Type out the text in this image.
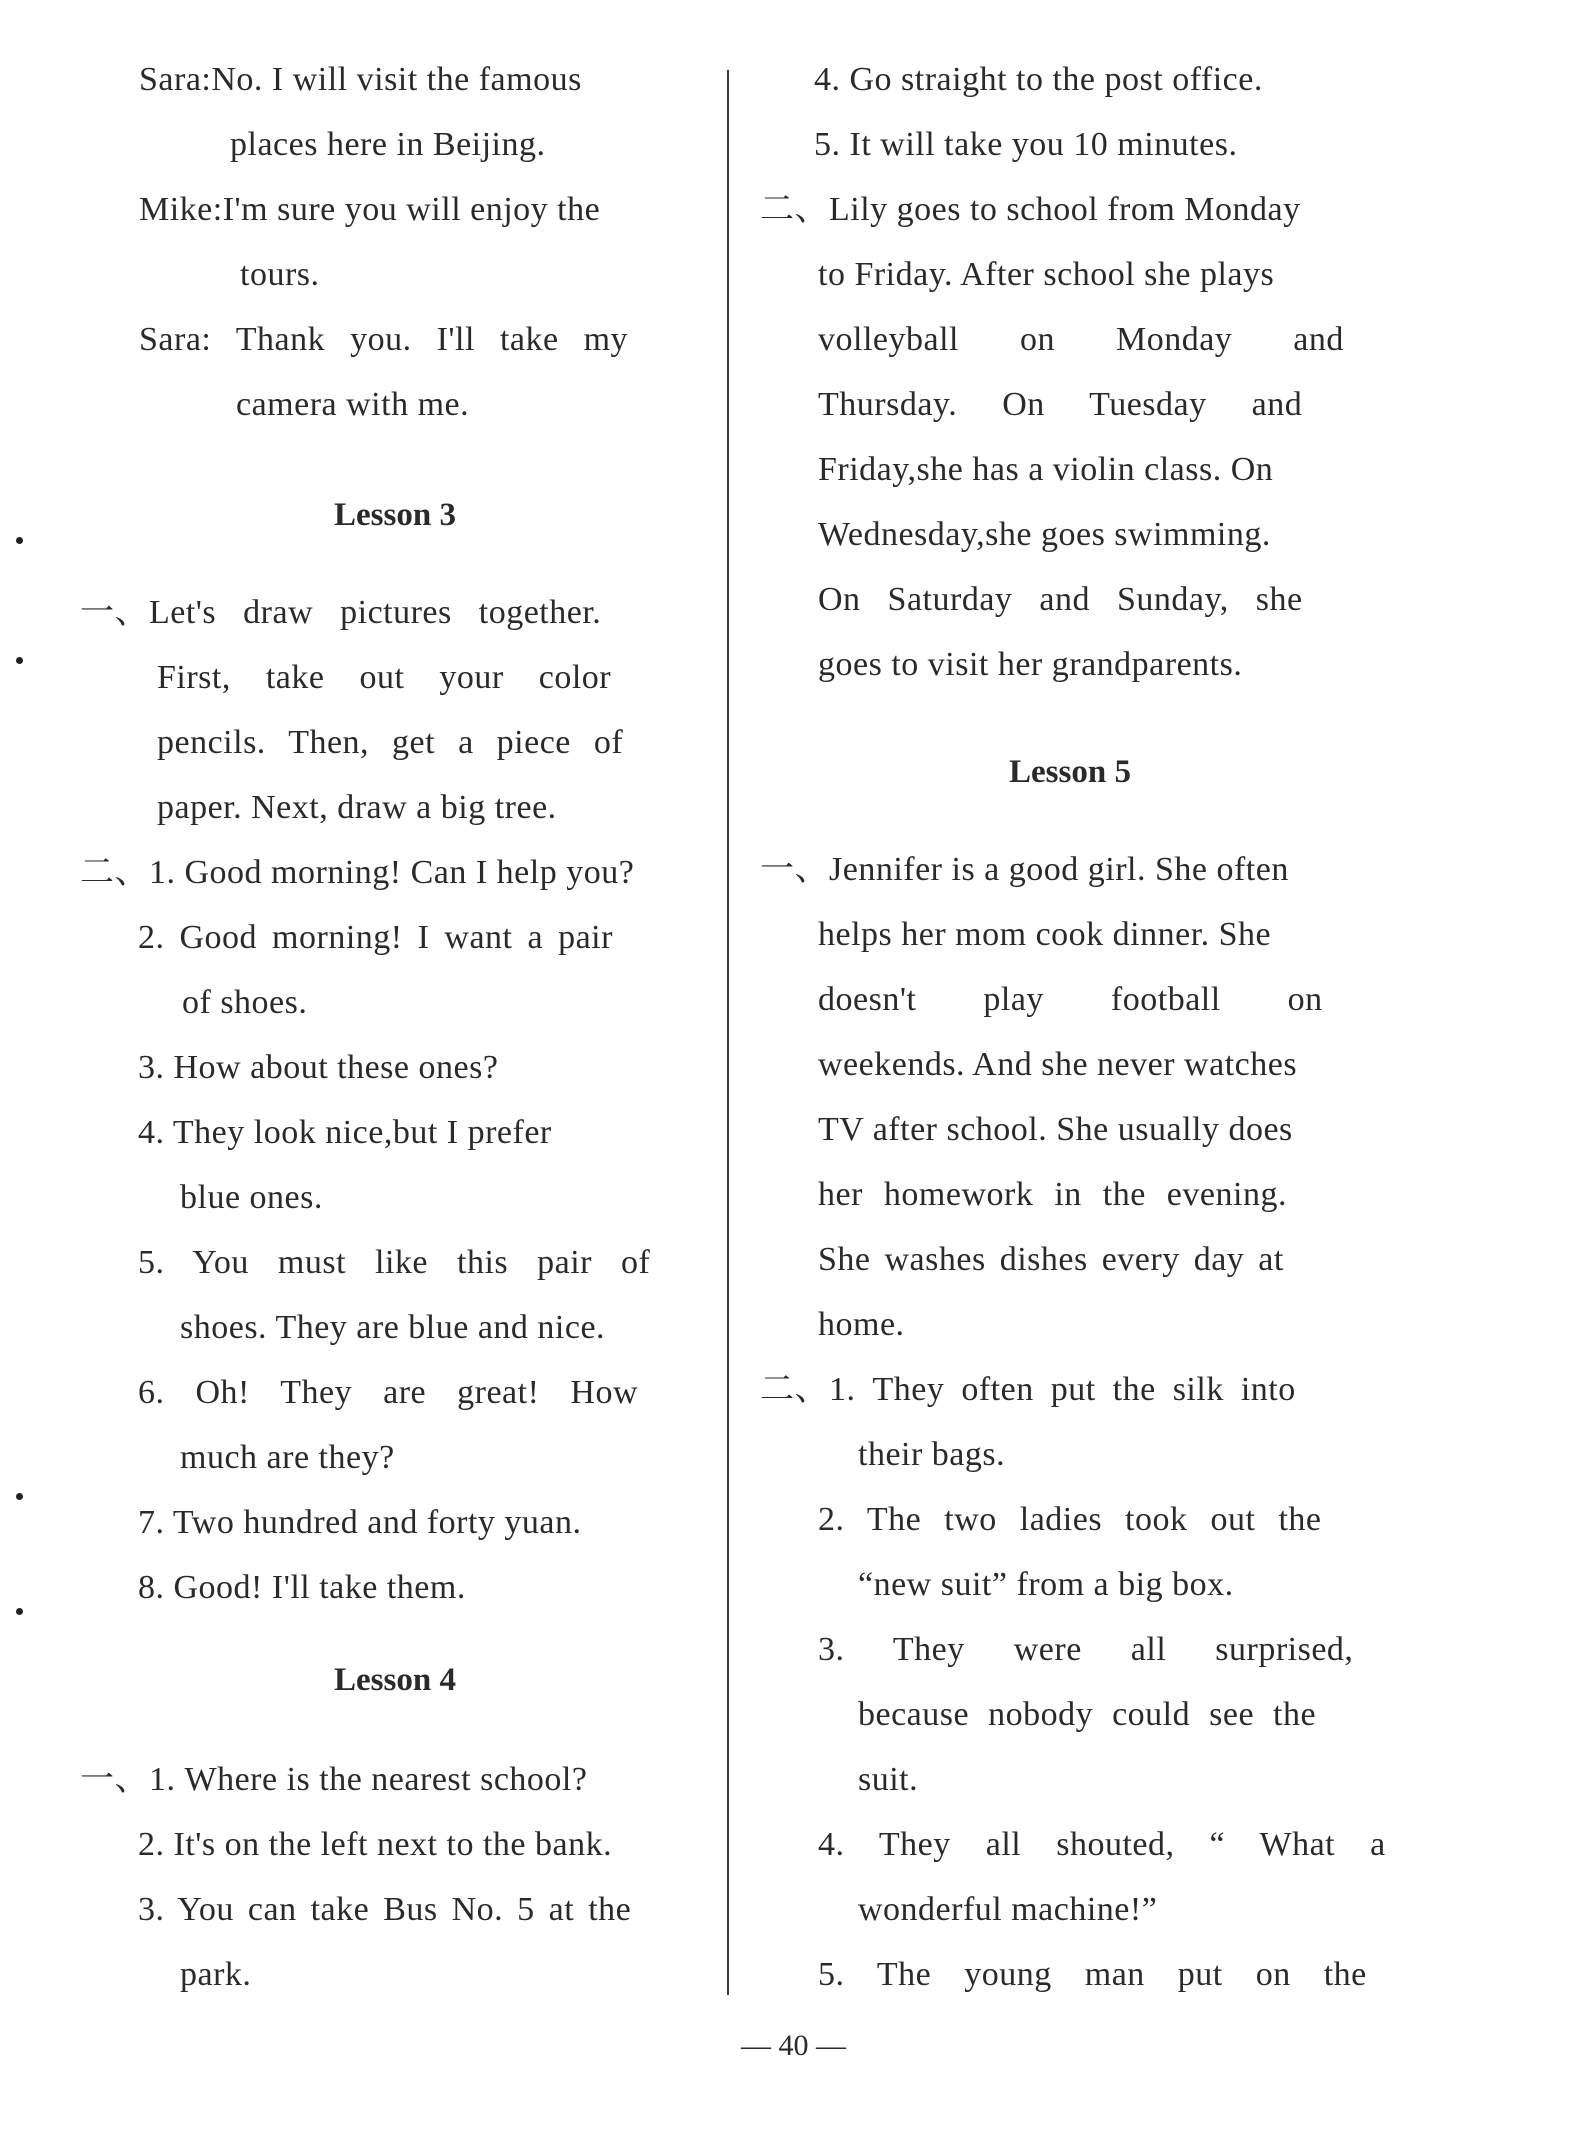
Sara:No. I will visit the famous
places here in Beijing.
Mike:I'm sure you will enjoy the
tours.
Sara: Thank you. I'll take my
camera with me.
Lesson 3
一、Let's draw pictures together.
First, take out your color
pencils. Then, get a piece of
paper. Next, draw a big tree.
二、1. Good morning! Can I help you?
2. Good morning! I want a pair
of shoes.
3. How about these ones?
4. They look nice,but I prefer
blue ones.
5. You must like this pair of
shoes. They are blue and nice.
6. Oh! They are great! How
much are they?
7. Two hundred and forty yuan.
8. Good! I'll take them.
Lesson 4
一、1. Where is the nearest school?
2. It's on the left next to the bank.
3. You can take Bus No. 5 at the
park.
4. Go straight to the post office.
5. It will take you 10 minutes.
二、Lily goes to school from Monday
to Friday. After school she plays
volleyball on Monday and
Thursday. On Tuesday and
Friday,she has a violin class. On
Wednesday,she goes swimming.
On Saturday and Sunday, she
goes to visit her grandparents.
Lesson 5
一、Jennifer is a good girl. She often
helps her mom cook dinner. She
doesn't play football on
weekends. And she never watches
TV after school. She usually does
her homework in the evening.
She washes dishes every day at
home.
二、1. They often put the silk into
their bags.
2. The two ladies took out the
“new suit” from a big box.
3. They were all surprised,
because nobody could see the
suit.
4. They all shouted, “ What a
wonderful machine!”
5. The young man put on the
— 40 —
